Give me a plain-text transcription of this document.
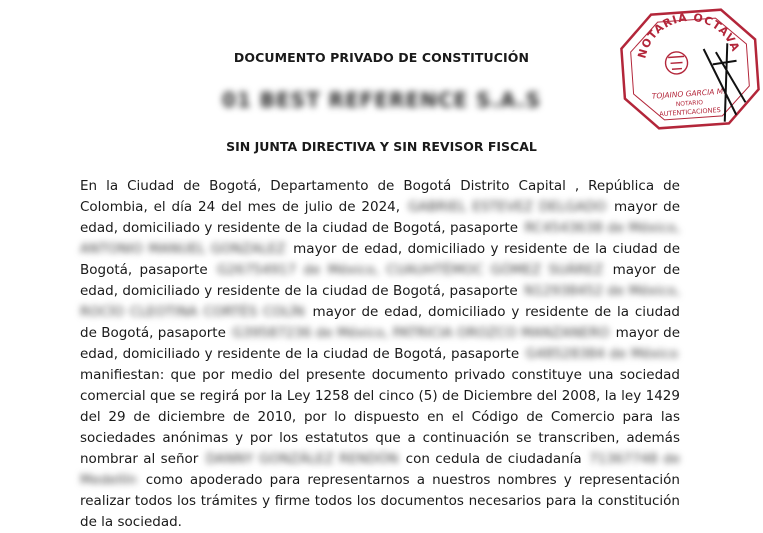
DOCUMENTO PRIVADO DE CONSTITUCIÓN
01 BEST REFERENCE S.A.S
SIN JUNTA DIRECTIVA Y SIN REVISOR FISCAL
NOTARIA OCTAVA
TOJAINO GARCIA M.
NOTARIO
AUTENTICACIONES

En la Ciudad de Bogotá, Departamento de Bogotá Distrito Capital , República de Colombia, el día 24 del mes de julio de 2024, GABRIEL ESTEVEZ DELGADO mayor de edad, domiciliado y residente de la ciudad de Bogotá, pasaporte RC4543638 de México, ANTONIO MANUEL GONZALEZ mayor de edad, domiciliado y residente de la ciudad de Bogotá, pasaporte G26754917 de México, CUAUHTÉMOC GÓMEZ SUÁREZ mayor de edad, domiciliado y residente de la ciudad de Bogotá, pasaporte N12938452 de México, ROCÍO CLEOTINA CORTÉS COLÍN mayor de edad, domiciliado y residente de la ciudad de Bogotá, pasaporte G39587236 de México, PATRICIA OROZCO MANZANERO mayor de edad, domiciliado y residente de la ciudad de Bogotá, pasaporte G48528384 de México manifiestan: que por medio del presente documento privado constituye una sociedad comercial que se regirá por la Ley 1258 del cinco (5) de Diciembre del 2008, la ley 1429 del 29 de diciembre de 2010, por lo dispuesto en el Código de Comercio para las sociedades anónimas y por los estatutos que a continuación se transcriben, además nombrar al señor DANNY GONZÁLEZ RENDÓN con cedula de ciudadanía 71367748 de Medellín como apoderado para representarnos a nuestros nombres y representación realizar todos los trámites y firme todos los documentos necesarios para la constitución de la sociedad.
